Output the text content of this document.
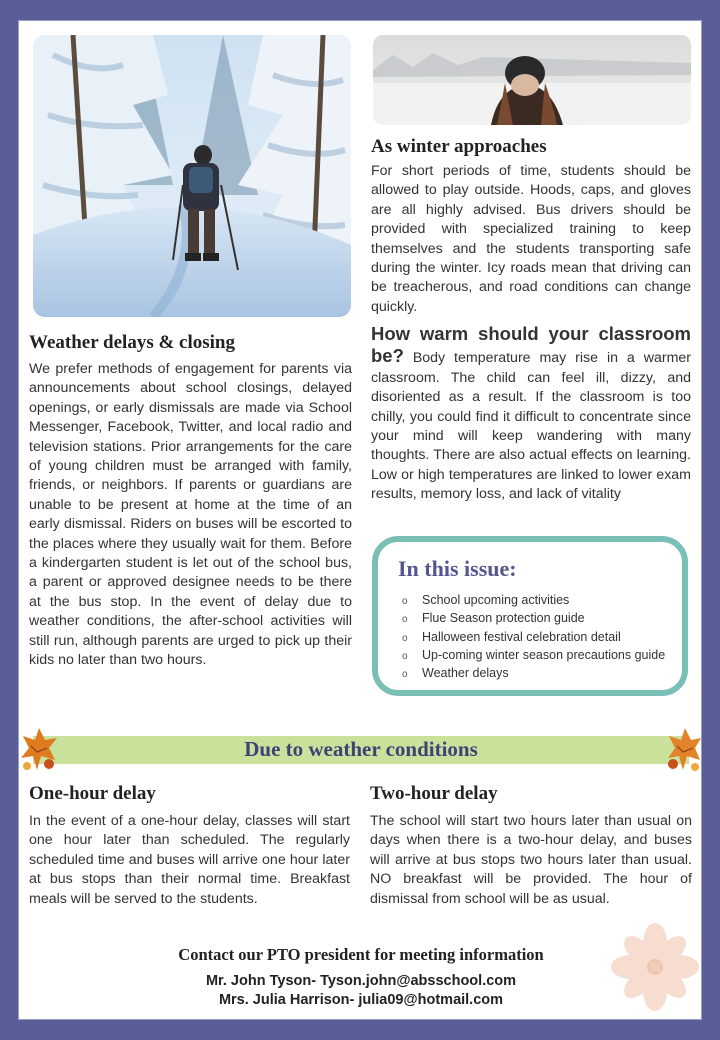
Weather delays & closing

We prefer methods of engagement for parents via announcements about school closings, delayed openings, or early dismissals are made via School Messenger, Facebook, Twitter, and local radio and television stations. Prior arrangements for the care of young children must be arranged with family, friends, or neighbors. If parents or guardians are unable to be present at home at the time of an early dismissal. Riders on buses will be escorted to the places where they usually wait for them. Before a kindergarten student is let out of the school bus, a parent or approved designee needs to be there at the bus stop. In the event of delay due to weather conditions, the after-school activities will still run, although parents are urged to pick up their kids no later than two hours.

As winter approaches

For short periods of time, students should be allowed to play outside. Hoods, caps, and gloves are all highly advised. Bus drivers should be provided with specialized training to keep themselves and the students transporting safe during the winter. Icy roads mean that driving can be treacherous, and road conditions can change quickly.

How warm should your classroom be? Body temperature may rise in a warmer classroom. The child can feel ill, dizzy, and disoriented as a result. If the classroom is too chilly, you could find it difficult to concentrate since your mind will keep wandering with many thoughts. There are also actual effects on learning. Low or high temperatures are linked to lower exam results, memory loss, and lack of vitality

In this issue:
o School upcoming activities
o Flue Season protection guide
o Halloween festival celebration detail
o Up-coming winter season precautions guide
o Weather delays

Due to weather conditions

One-hour delay

In the event of a one-hour delay, classes will start one hour later than scheduled. The regularly scheduled time and buses will arrive one hour later at bus stops than their normal time. Breakfast meals will be served to the students.

Two-hour delay

The school will start two hours later than usual on days when there is a two-hour delay, and buses will arrive at bus stops two hours later than usual. NO breakfast will be provided. The hour of dismissal from school will be as usual.

Contact our PTO president for meeting information

Mr. John Tyson- Tyson.john@absschool.com

Mrs. Julia Harrison- julia09@hotmail.com
